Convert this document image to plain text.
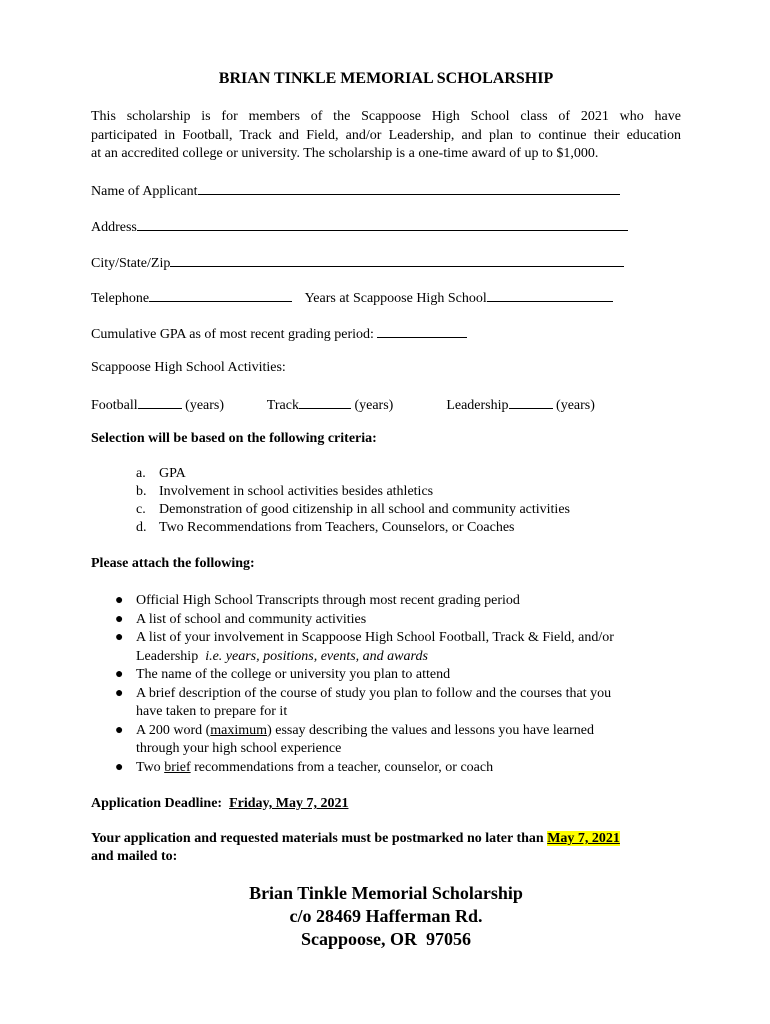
BRIAN TINKLE MEMORIAL SCHOLARSHIP
This scholarship is for members of the Scappoose High School class of 2021 who have
participated in Football, Track and Field, and/or Leadership, and plan to continue their education
at an accredited college or university. The scholarship is a one-time award of up to $1,000.
Name of Applicant
Address
City/State/Zip
Telephone	Years at Scappoose High School
Cumulative GPA as of most recent grading period:
Scappoose High School Activities:
Football	(years)	Track	(years)	Leadership	(years)
Selection will be based on the following criteria:
a. GPA
b. Involvement in school activities besides athletics
c. Demonstration of good citizenship in all school and community activities
d. Two Recommendations from Teachers, Counselors, or Coaches
Please attach the following:
● Official High School Transcripts through most recent grading period
● A list of school and community activities
● A list of your involvement in Scappoose High School Football, Track & Field, and/or
Leadership i.e. years, positions, events, and awards
● The name of the college or university you plan to attend
● A brief description of the course of study you plan to follow and the courses that you
have taken to prepare for it
● A 200 word (maximum) essay describing the values and lessons you have learned
through your high school experience
● Two brief recommendations from a teacher, counselor, or coach
Application Deadline: Friday, May 7, 2021
Your application and requested materials must be postmarked no later than May 7, 2021
and mailed to:
Brian Tinkle Memorial Scholarship
c/o 28469 Hafferman Rd.
Scappoose, OR  97056
